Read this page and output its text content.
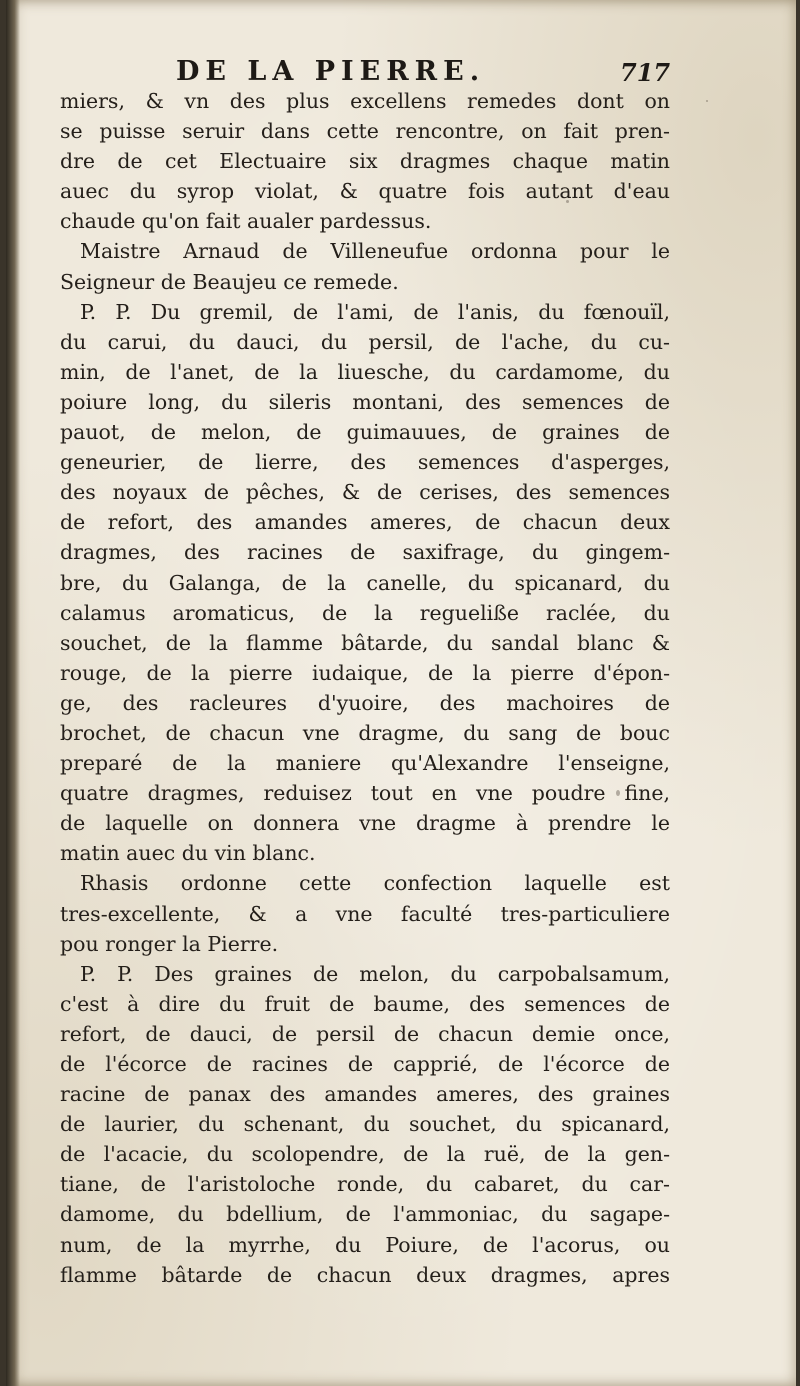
DE LA PIERRE.	717
miers, & vn des plus excellens remedes dont on
se puisse seruir dans cette rencontre, on fait pren-
dre de cet Electuaire six dragmes chaque matin
auec du syrop violat, & quatre fois autant d'eau
chaude qu'on fait aualer pardessus.
Maistre Arnaud de Villeneufue ordonna pour le
Seigneur de Beaujeu ce remede.
P. P. Du gremil, de l'ami, de l'anis, du fœnouïl,
du carui, du dauci, du persil, de l'ache, du cu-
min, de l'anet, de la liuesche, du cardamome, du
poiure long, du sileris montani, des semences de
pauot, de melon, de guimauues, de graines de
geneurier, de lierre, des semences d'asperges,
des noyaux de pêches, & de cerises, des semences
de refort, des amandes ameres, de chacun deux
dragmes, des racines de saxifrage, du gingem-
bre, du Galanga, de la canelle, du spicanard, du
calamus aromaticus, de la regueliße raclée, du
souchet, de la flamme bâtarde, du sandal blanc &
rouge, de la pierre iudaique, de la pierre d'épon-
ge, des racleures d'yuoire, des machoires de
brochet, de chacun vne dragme, du sang de bouc
preparé de la maniere qu'Alexandre l'enseigne,
quatre dragmes, reduisez tout en vne poudre fine,
de laquelle on donnera vne dragme à prendre le
matin auec du vin blanc.
Rhasis ordonne cette confection laquelle est
tres-excellente, & a vne faculté tres-particuliere
pou ronger la Pierre.
P. P. Des graines de melon, du carpobalsamum,
c'est à dire du fruit de baume, des semences de
refort, de dauci, de persil de chacun demie once,
de l'écorce de racines de capprié, de l'écorce de
racine de panax des amandes ameres, des graines
de laurier, du schenant, du souchet, du spicanard,
de l'acacie, du scolopendre, de la ruë, de la gen-
tiane, de l'aristoloche ronde, du cabaret, du car-
damome, du bdellium, de l'ammoniac, du sagape-
num, de la myrrhe, du Poiure, de l'acorus, ou
flamme bâtarde de chacun deux dragmes, apres
